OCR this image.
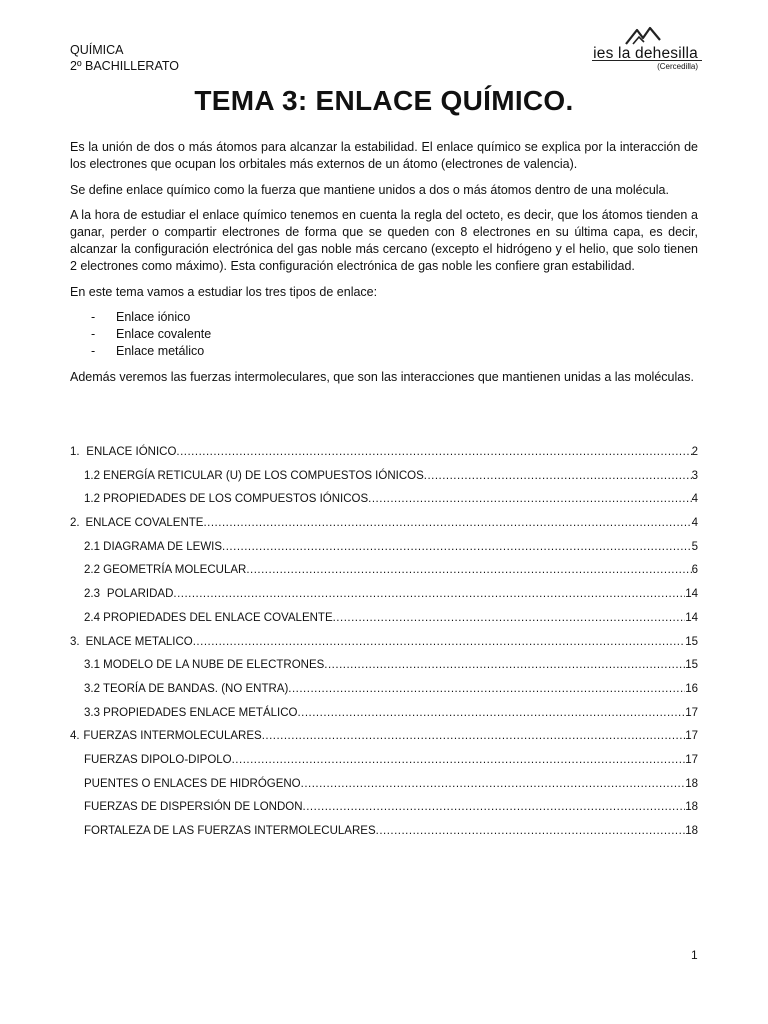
QUÍMICA
2º BACHILLERATO
ies la dehesilla
(Cercedilla)
TEMA 3: ENLACE QUÍMICO.

Es la unión de dos o más átomos para alcanzar la estabilidad. El enlace químico se explica por la interacción de los electrones que ocupan los orbitales más externos de un átomo (electrones de valencia).

Se define enlace químico como la fuerza que mantiene unidos a dos o más átomos dentro de una molécula.

A la hora de estudiar el enlace químico tenemos en cuenta la regla del octeto, es decir, que los átomos tienden a ganar, perder o compartir electrones de forma que se queden con 8 electrones en su última capa, es decir, alcanzar la configuración electrónica del gas noble más cercano (excepto el hidrógeno y el helio, que solo tienen 2 electrones como máximo). Esta configuración electrónica de gas noble les confiere gran estabilidad.

En este tema vamos a estudiar los tres tipos de enlace:

- Enlace iónico
- Enlace covalente
- Enlace metálico

Además veremos las fuerzas intermoleculares, que son las interacciones que mantienen unidas a las moléculas.

1. ENLACE IÓNICO .....	2
1.2 ENERGÍA RETICULAR (U) DE LOS COMPUESTOS IÓNICOS .....	3
1.2 PROPIEDADES DE LOS COMPUESTOS IÓNICOS .....	4
2. ENLACE COVALENTE .....	4
2.1 DIAGRAMA DE LEWIS .....	5
2.2 GEOMETRÍA MOLECULAR .....	6
2.3 POLARIDAD .....	14
2.4 PROPIEDADES DEL ENLACE COVALENTE .....	14
3. ENLACE METALICO .....	15
3.1 MODELO DE LA NUBE DE ELECTRONES .....	15
3.2 TEORÍA DE BANDAS. (NO ENTRA) .....	16
3.3 PROPIEDADES ENLACE METÁLICO .....	17
4. FUERZAS INTERMOLECULARES .....	17
FUERZAS DIPOLO-DIPOLO .....	17
PUENTES O ENLACES DE HIDRÓGENO .....	18
FUERZAS DE DISPERSIÓN DE LONDON .....	18
FORTALEZA DE LAS FUERZAS INTERMOLECULARES .....	18
1
